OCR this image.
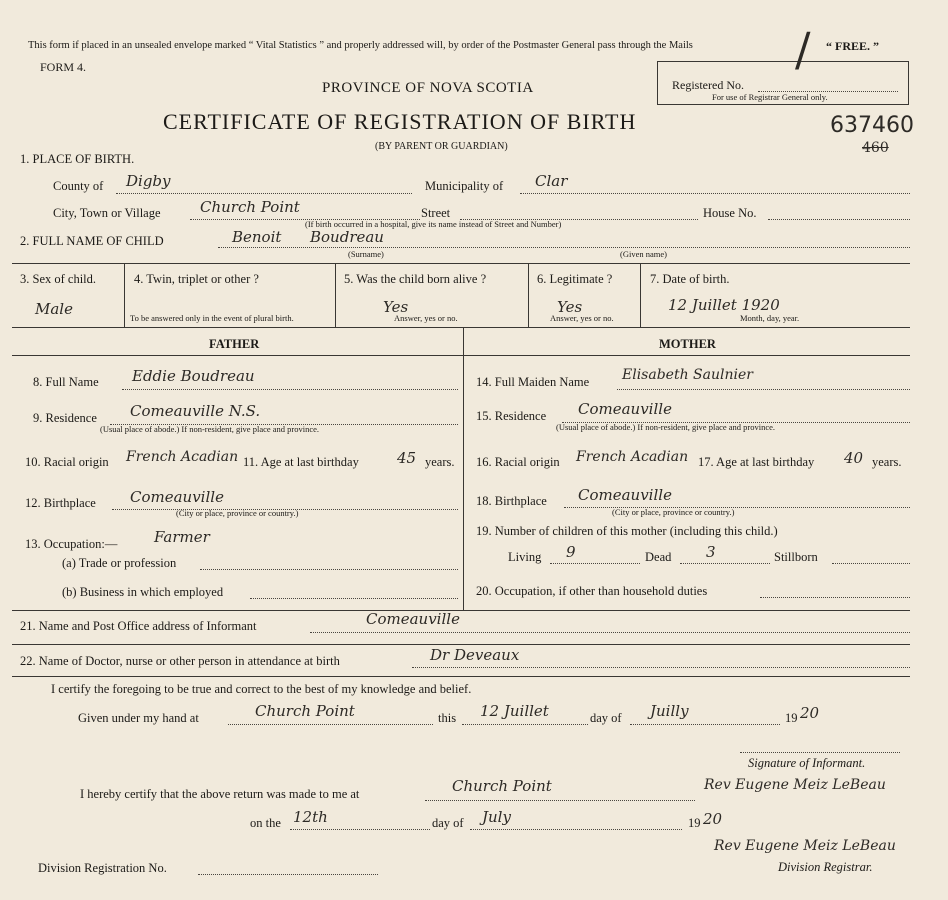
This form if placed in an unsealed envelope marked “ Vital Statistics ” and properly addressed will, by order of the Postmaster General pass through the Mails	“ FREE. ”
FORM 4.
Registered No.
For use of Registrar General only.
/
PROVINCE OF NOVA SCOTIA
CERTIFICATE OF REGISTRATION OF BIRTH
(BY PARENT OR GUARDIAN)
637460
460
1. PLACE OF BIRTH.
County of Digby	Municipality of Clar
City, Town or Village	Church Point	Street	House No.
(If birth occurred in a hospital, give its name instead of Street and Number)
2. FULL NAME OF CHILD	Benoit Boudreau
(Surname)	(Given name)
3. Sex of child.
Male
4. Twin, triplet or other ?
To be answered only in the event of plural birth.
5. Was the child born alive ?
Yes
Answer, yes or no.
6. Legitimate ?
Yes
Answer, yes or no.
7. Date of birth.
12 Juillet 1920
Month, day, year.
FATHER	MOTHER
8. Full Name Eddie Boudreau
9. Residence Comeauville N.S.
(Usual place of abode.) If non-resident, give place and province.
10. Racial origin French Acadian 11. Age at last birthday	45 years.
12. Birthplace Comeauville
(City or place, province or country.)
13. Occupation:— Farmer
(a) Trade or profession
(b) Business in which employed
14. Full Maiden Name Elisabeth Saulnier
15. Residence Comeauville
(Usual place of abode.) If non-resident, give place and province.
16. Racial origin French Acadian 17. Age at last birthday 40 years.
18. Birthplace Comeauville
(City or place, province or country.)
19. Number of children of this mother (including this child.)
Living 9	Dead 3	Stillborn
20. Occupation, if other than household duties
21. Name and Post Office address of Informant	Comeauville
22. Name of Doctor, nurse or other person in attendance at birth	Dr Deveaux
I certify the foregoing to be true and correct to the best of my knowledge and belief.
Given under my hand at	Church Point	this 12 Juillet	day of Juilly	19 20
Signature of Informant.
I hereby certify that the above return was made to me at	Church Point	Rev Eugene Meiz LeBeau
on the 12th	day of July	19 20
Division Registration No.
Rev Eugene Meiz LeBeau
Division Registrar.
